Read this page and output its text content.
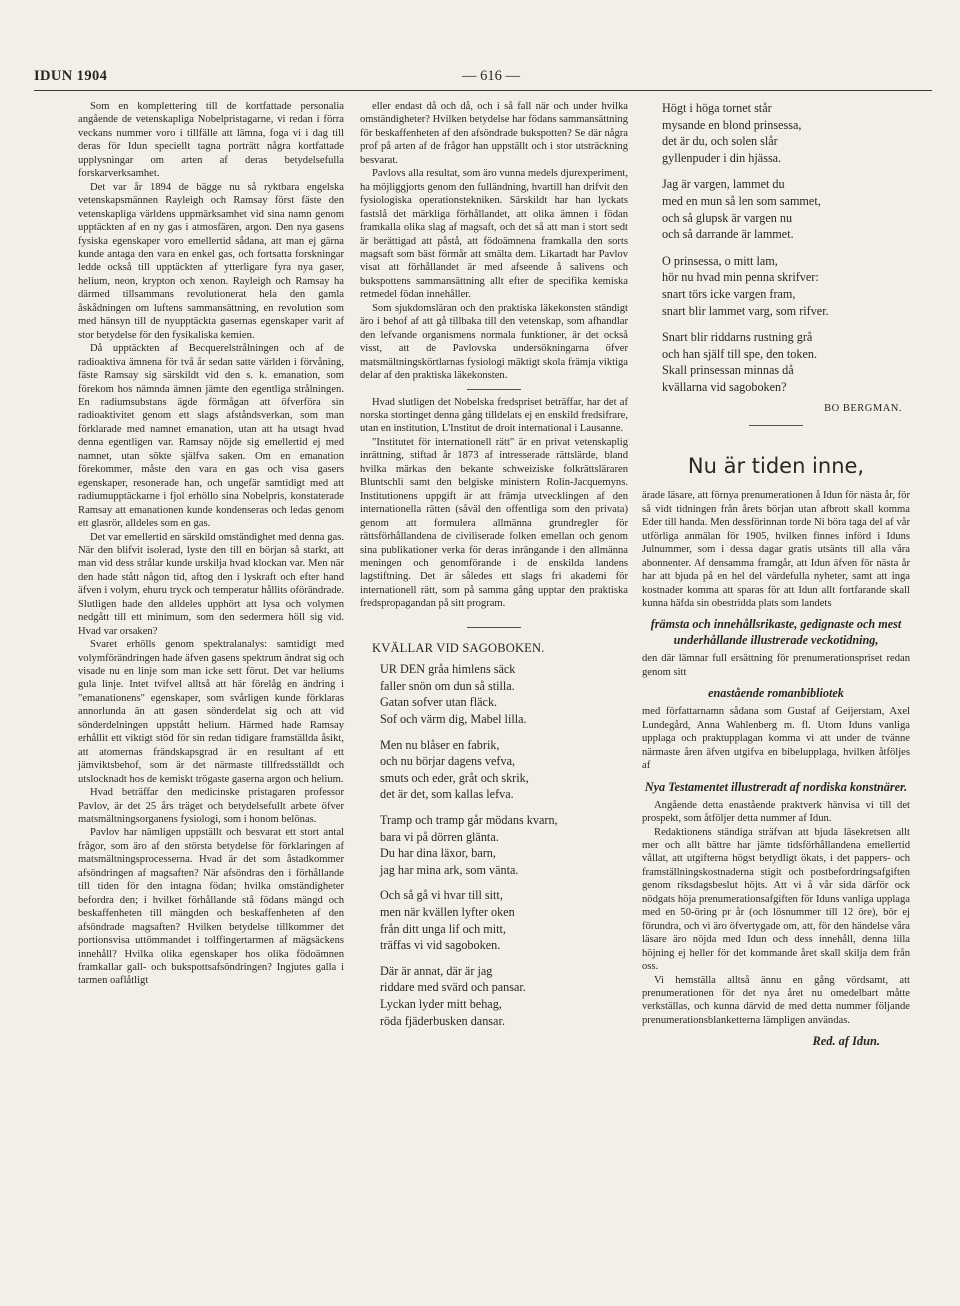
IDUN 1904	— 616 —

Som en komplettering till de kortfattade personalia angående de vetenskapliga Nobelpristagarne, vi redan i förra veckans nummer voro i tillfälle att lämna, foga vi i dag till deras för Idun speciellt tagna porträtt några kortfattade upplysningar om arten af deras betydelsefulla forskarverksamhet.

Det var år 1894 de bägge nu så ryktbara engelska vetenskapsmännen Rayleigh och Ramsay först fäste den vetenskapliga världens uppmärksamhet vid sina namn genom upptäckten af en ny gas i atmosfären, argon. Den nya gasens fysiska egenskaper voro emellertid sådana, att man ej gärna kunde antaga den vara en enkel gas, och fortsatta forskningar ledde också till upptäckten af ytterligare fyra nya gaser, helium, neon, krypton och xenon. Rayleigh och Ramsay ha därmed tillsammans revolutionerat hela den gamla åskådningen om luftens sammansättning, en revolution som med hänsyn till de nyupptäckta gasernas egenskaper varit af stor betydelse för den fysikaliska kemien.

Då upptäckten af Becquerelstrålningen och af de radioaktiva ämnena för två år sedan satte världen i förvåning, fäste Ramsay sig särskildt vid den s. k. emanation, som förekom hos nämnda ämnen jämte den egentliga strålningen. En radiumsubstans ägde förmågan att öfverföra sin radioaktivitet genom ett slags afståndsverkan, som man förklarade med namnet emanation, utan att ha utsagt hvad denna egentligen var. Ramsay nöjde sig emellertid ej med namnet, utan sökte själfva saken. Om en emanation förekommer, måste den vara en gas och visa gasers egenskaper, resonerade han, och ungefär samtidigt med att radiumupptäckarne i fjol erhöllo sina Nobelpris, konstaterade Ramsay att emanationen kunde kondenseras och ledas genom ett glasrör, alldeles som en gas.

Det var emellertid en särskild omständighet med denna gas. När den blifvit isolerad, lyste den till en början så starkt, att man vid dess strålar kunde urskilja hvad klockan var. Men när den hade stått någon tid, aftog den i lyskraft och efter hand äfven i volym, ehuru tryck och temperatur hållits oförändrade. Slutligen hade den alldeles upphört att lysa och volymen nedgått till ett minimum, som den sedermera höll sig vid. Hvad var orsaken?

Svaret erhölls genom spektralanalys: samtidigt med volymförändringen hade äfven gasens spektrum ändrat sig och visade nu en linje som man icke sett förut. Det var heliums gula linje. Intet tvifvel alltså att här förelåg en ändring i "emanationens" egenskaper, som svårligen kunde förklaras annorlunda än att gasen sönderdelat sig och att vid sönderdelningen uppstått helium. Härmed hade Ramsay erhållit ett viktigt stöd för sin redan tidigare framställda åsikt, att atomernas frändskapsgrad är en resultant af ett jämviktsbehof, som är det närmaste tillfredsställdt och utslocknadt hos de kemiskt trögaste gaserna argon och helium.

Hvad beträffar den medicinske pristagaren professor Pavlov, är det 25 års träget och betydelsefullt arbete öfver matsmältningsorganens fysiologi, som i honom belönas.

Pavlov har nämligen uppställt och besvarat ett stort antal frågor, som äro af den största betydelse för förklaringen af matsmältningsprocesserna. Hvad är det som åstadkommer afsöndringen af magsaften? När afsöndras den i förhållande till tiden för den intagna födan; hvilka omständigheter befordra den; i hvilket förhållande stå födans mängd och beskaffenheten till mängden och beskaffenheten af den afsöndrade magsaften? Hvilken betydelse tillkommer det portionsvisa uttömmandet i tolffingertarmen af mägsäckens innehåll? Hvilka olika egenskaper hos olika födoämnen framkallar gall- och bukspottsafsöndringen? Ingjutes galla i tarmen oaflåtligt

eller endast då och då, och i så fall när och under hvilka omständigheter? Hvilken betydelse har födans sammansättning för beskaffenheten af den afsöndrade bukspotten? Se där några prof på arten af de frågor han uppställt och i stor utsträckning besvarat.

Pavlovs alla resultat, som äro vunna medels djurexperiment, ha möjliggjorts genom den fulländning, hvartill han drifvit den fysiologiska operationstekniken. Särskildt har han lyckats fastslå det märkliga förhållandet, att olika ämnen i födan framkalla olika slag af magsaft, och det så att man i stort sedt är berättigad att påstå, att födoämnena framkalla den sorts magsaft som bäst förmår att smälta dem. Likartadt har Pavlov visat att förhållandet är med afseende å salivens och bukspottens sammansättning allt efter de specifika kemiska retmedel födan innehåller.

Som sjukdomsläran och den praktiska läkekonsten ständigt äro i behof af att gå tillbaka till den vetenskap, som afhandlar den lefvande organismens normala funktioner, är det också visst, att de Pavlovska undersökningarna öfver matsmältningskörtlarnas fysiologi mäktigt skola främja viktiga delar af den praktiska läkekonsten.

Hvad slutligen det Nobelska fredspriset beträffar, har det af norska stortinget denna gång tilldelats ej en enskild fredsifrare, utan en institution, L'Institut de droit international i Lausanne.

"Institutet för internationell rätt" är en privat vetenskaplig inrättning, stiftad år 1873 af intresserade rättslärde, bland hvilka märkas den bekante schweiziske folkrättsläraren Bluntschli samt den belgiske ministern Rolin-Jacquemyns. Institutionens uppgift är att främja utvecklingen af den internationella rätten (såväl den offentliga som den privata) genom att formulera allmänna grundregler för rättsförhållandena de civiliserade folken emellan och genom sina publikationer verka för deras inrängande i den allmänna meningen och genomförande i de enskilda landens lagstiftning. Det är således ett slags fri akademi för internationell rätt, som på samma gång upptar den praktiska fredspropagandan på sitt program.

KVÄLLAR VID SAGOBOKEN.
UR DEN gråa himlens säck
faller snön om dun så stilla.
Gatan sofver utan fläck.
Sof och värm dig, Mabel lilla.
Men nu blåser en fabrik,
och nu börjar dagens vefva,
smuts och eder, gråt och skrik,
det är det, som kallas lefva.
Tramp och tramp går mödans kvarn,
bara vi på dörren glänta.
Du har dina läxor, barn,
jag har mina ark, som vänta.
Och så gå vi hvar till sitt,
men när kvällen lyfter oken
från ditt unga lif och mitt,
träffas vi vid sagoboken.
Där är annat, där är jag
riddare med svärd och pansar.
Lyckan lyder mitt behag,
röda fjäderbusken dansar.
Högt i höga tornet står
mysande en blond prinsessa,
det är du, och solen slår
gyllenpuder i din hjässa.
Jag är vargen, lammet du
med en mun så len som sammet,
och så glupsk är vargen nu
och så darrande är lammet.
O prinsessa, o mitt lam,
hör nu hvad min penna skrifver:
snart törs icke vargen fram,
snart blir lammet varg, som rifver.
Snart blir riddarns rustning grå
och han själf till spe, den token.
Skall prinsessan minnas då
kvällarna vid sagoboken?
BO BERGMAN.
Nu är tiden inne,

ärade läsare, att förnya prenumerationen å Idun för nästa år, för så vidt tidningen från årets början utan afbrott skall komma Eder till handa. Men dessförinnan torde Ni böra taga del af vår utförliga anmälan för 1905, hvilken finnes införd i Iduns Julnummer, som i dessa dagar gratis utsänts till alla våra abonnenter. Af densamma framgår, att Idun äfven för nästa år har att bjuda på en hel del värdefulla nyheter, samt att inga kostnader komma att sparas för att Idun allt fortfarande skall kunna häfda sin obestridda plats som landets

främsta och innehållsrikaste, gedignaste och mest underhållande illustrerade veckotidning,

den där lämnar full ersättning för prenumerationspriset redan genom sitt

enastående romanbibliotek

med författarnamn sådana som Gustaf af Geijerstam, Axel Lundegård, Anna Wahlenberg m. fl. Utom Iduns vanliga upplaga och praktupplagan komma vi att under de tvänne närmaste åren äfven utgifva en bibelupplaga, hvilken åtföljes af

Nya Testamentet illustreradt af nordiska konstnärer.

Angående detta enastående praktverk hänvisa vi till det prospekt, som åtföljer detta nummer af Idun.

Redaktionens ständiga sträfvan att bjuda läsekretsen allt mer och allt bättre har jämte tidsförhållandena emellertid vållat, att utgifterna högst betydligt ökats, i det pappers- och framställningskostnaderna stigit och postbefordringsafgiften genom riksdagsbeslut höjts. Att vi å vår sida därför ock nödgats höja prenumerationsafgiften för Iduns vanliga upplaga med en 50-öring pr år (och lösnummer till 12 öre), bör ej förundra, och vi äro öfvertygade om, att, för den händelse våra läsare äro nöjda med Idun och dess innehåll, denna lilla höjning ej heller för det kommande året skall skilja dem från oss.

Vi hemställa alltså ännu en gång vördsamt, att prenumerationen för det nya året nu omedelbart måtte verkställas, och kunna därvid de med detta nummer följande prenumerationsblanketterna lämpligen användas.

Red. af Idun.
